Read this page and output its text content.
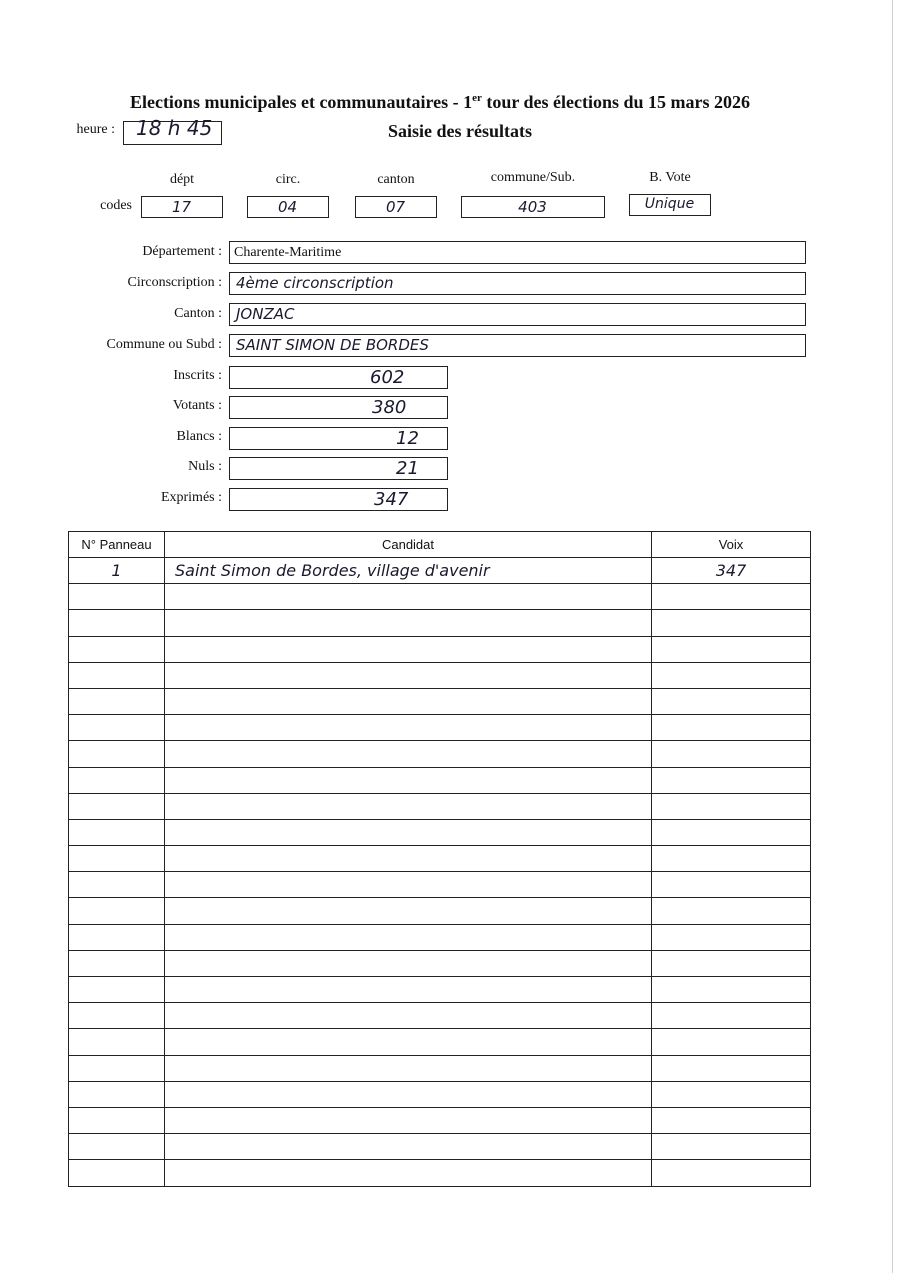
Elections municipales et communautaires - 1er tour des élections du 15 mars 2026
Saisie des résultats
heure : 18 h 45
dépt	circ.	canton	commune/Sub.	B. Vote
codes	17	04	07	403	Unique
Département : Charente-Maritime
Circonscription : 4ème circonscription
Canton : JONZAC
Commune ou Subd : SAINT SIMON DE BORDES
Inscrits :	602
Votants :	380
Blancs :	12
Nuls :	21
Exprimés :	347
N° Panneau	Candidat	Voix
1	Saint Simon de Bordes, village d'avenir	347
